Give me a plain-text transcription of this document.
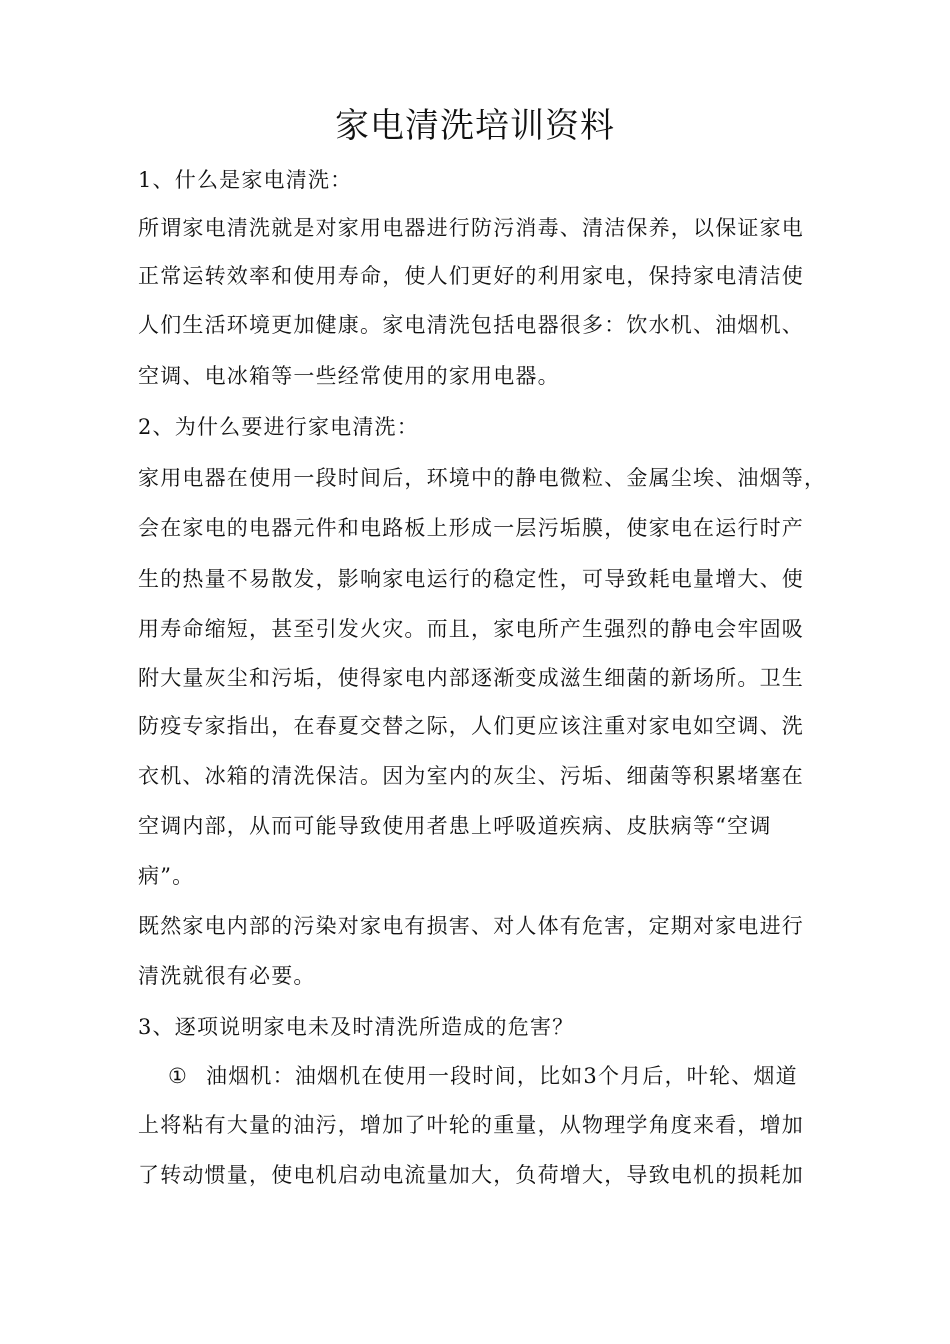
家电清洗培训资料
1、什么是家电清洗：
所谓家电清洗就是对家用电器进行防污消毒、清洁保养，以保证家电
正常运转效率和使用寿命，使人们更好的利用家电，保持家电清洁使
人们生活环境更加健康。家电清洗包括电器很多：饮水机、油烟机、
空调、电冰箱等一些经常使用的家用电器。
2、为什么要进行家电清洗：
家用电器在使用一段时间后，环境中的静电微粒、金属尘埃、油烟等，
会在家电的电器元件和电路板上形成一层污垢膜，使家电在运行时产
生的热量不易散发，影响家电运行的稳定性，可导致耗电量增大、使
用寿命缩短，甚至引发火灾。而且，家电所产生强烈的静电会牢固吸
附大量灰尘和污垢，使得家电内部逐渐变成滋生细菌的新场所。卫生
防疫专家指出，在春夏交替之际，人们更应该注重对家电如空调、洗
衣机、冰箱的清洗保洁。因为室内的灰尘、污垢、细菌等积累堵塞在
空调内部，从而可能导致使用者患上呼吸道疾病、皮肤病等“空调
病”。
既然家电内部的污染对家电有损害、对人体有危害，定期对家电进行
清洗就很有必要。
3、逐项说明家电未及时清洗所造成的危害？
① 油烟机：油烟机在使用一段时间，比如3个月后，叶轮、烟道
上将粘有大量的油污，增加了叶轮的重量，从物理学角度来看，增加
了转动惯量，使电机启动电流量加大，负荷增大，导致电机的损耗加
